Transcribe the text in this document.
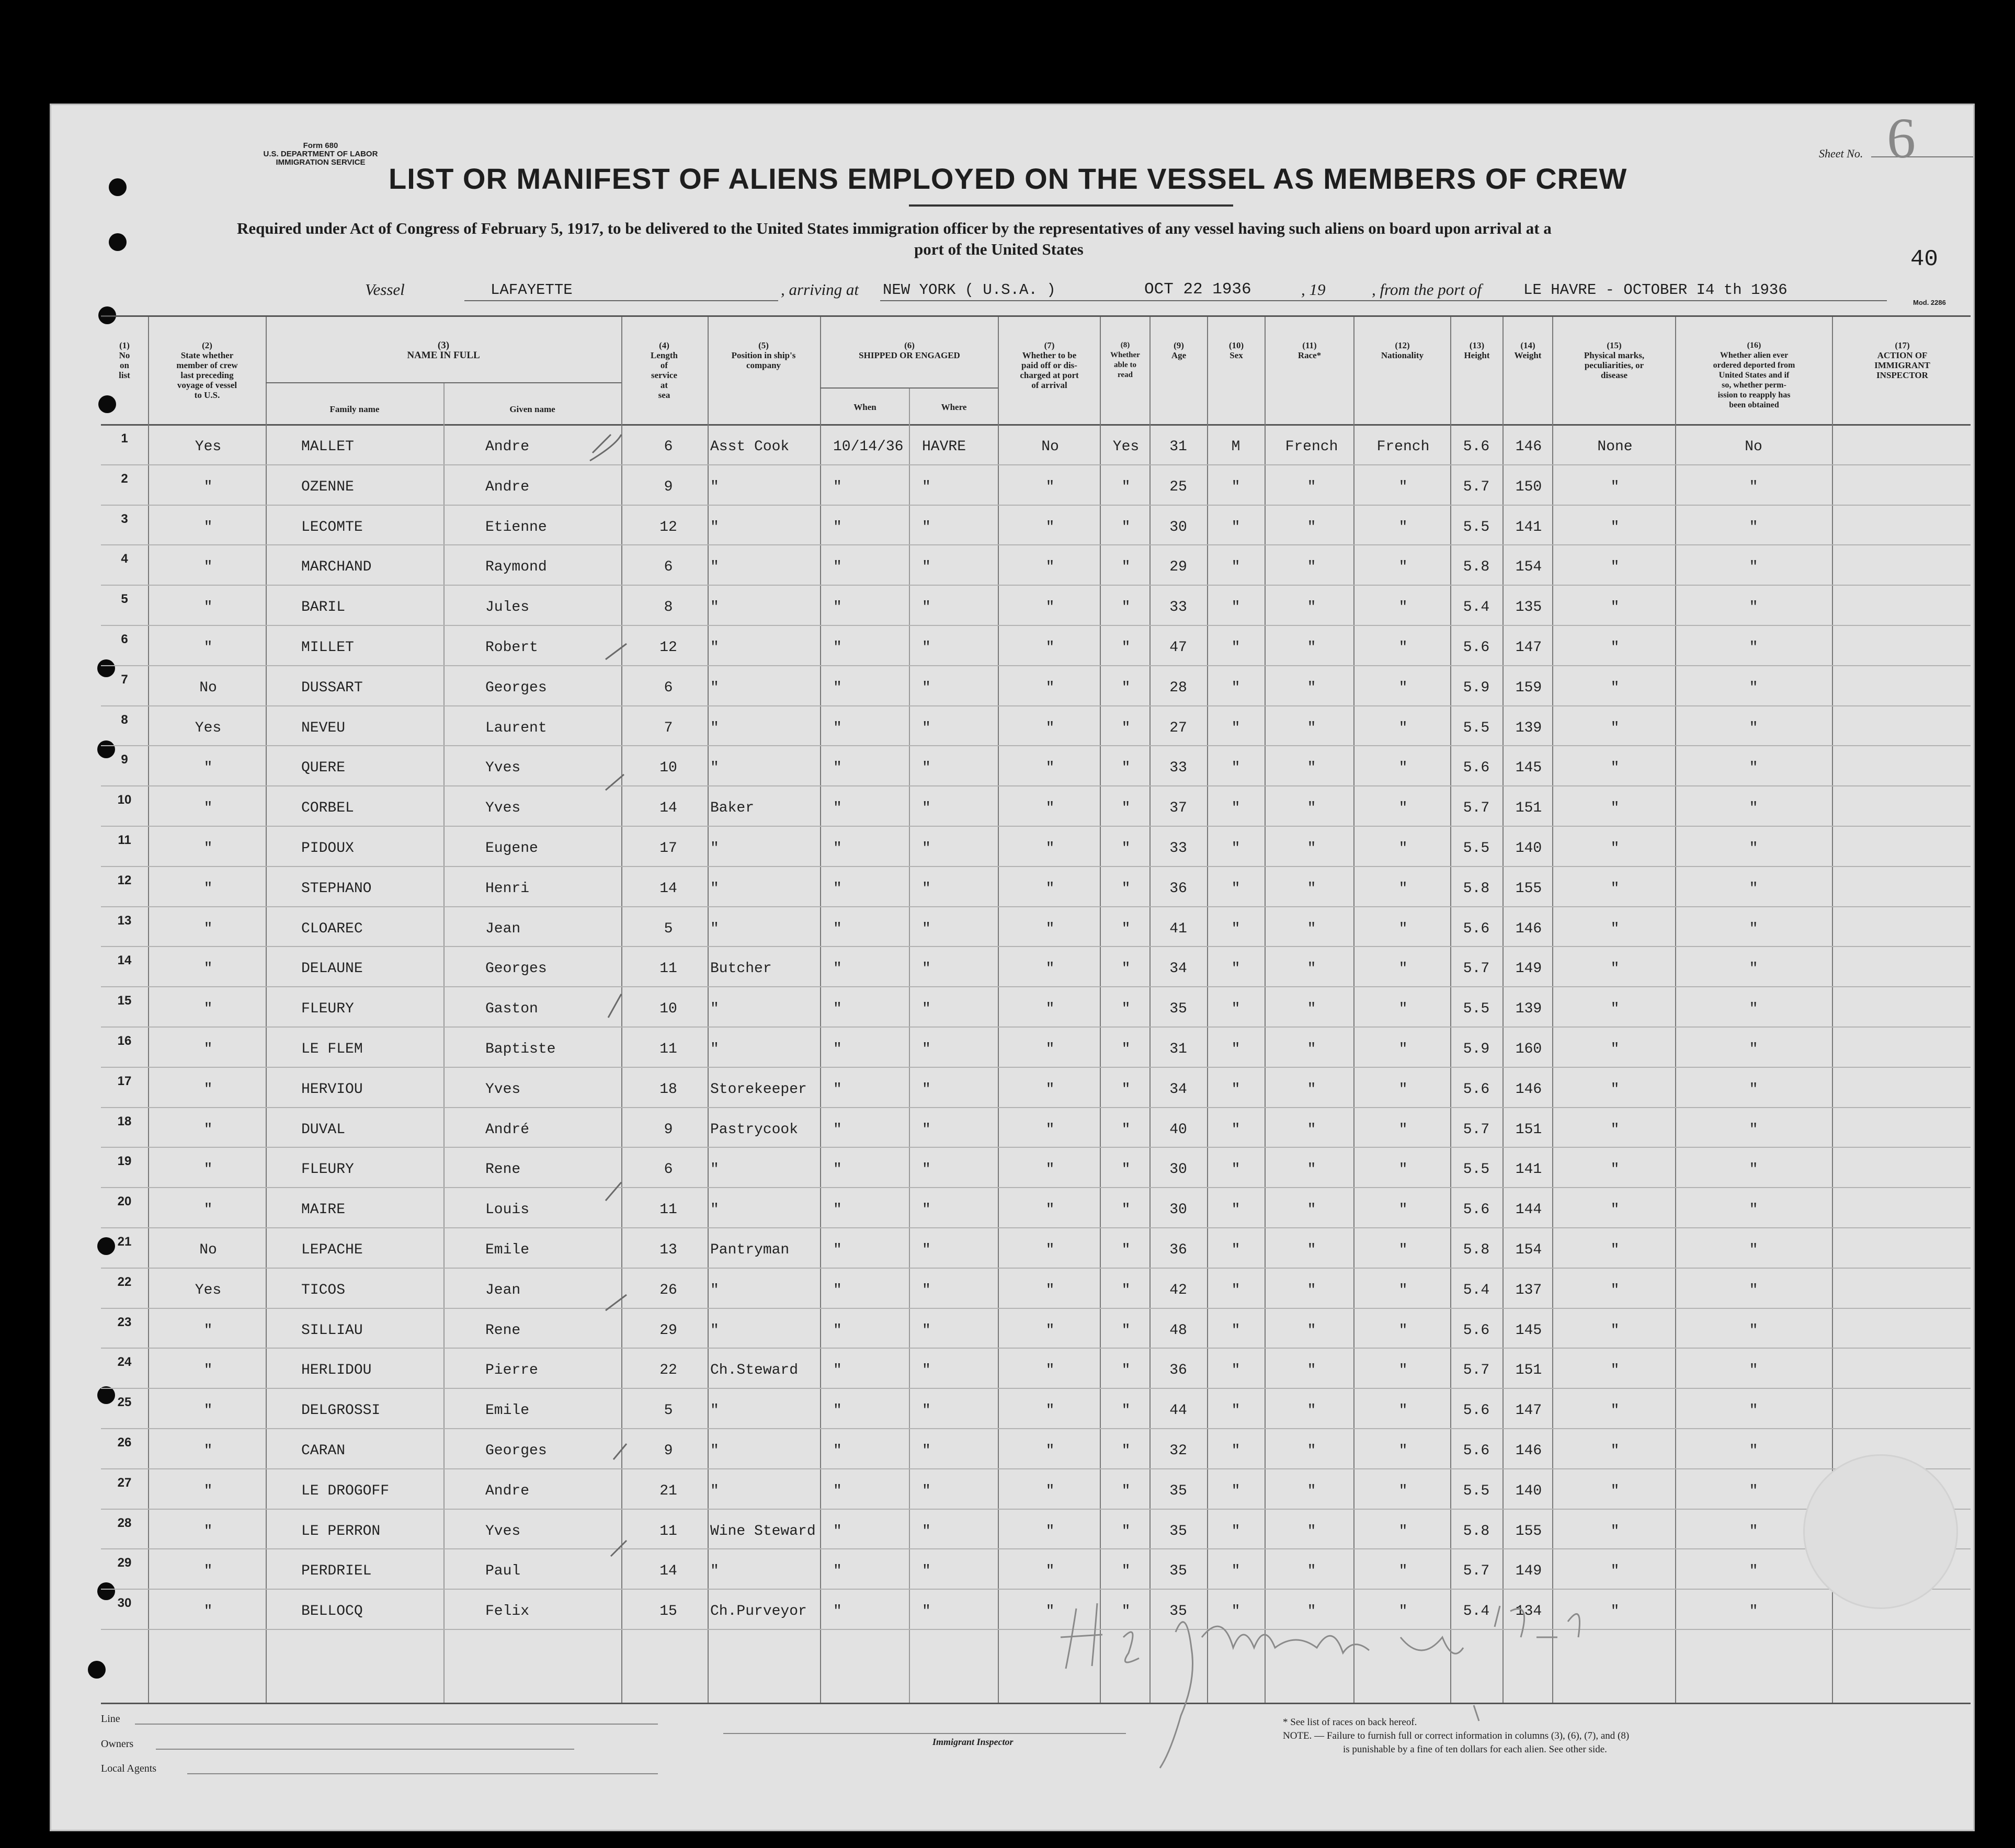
Form 680
U.S. DEPARTMENT OF LABOR
IMMIGRATION SERVICE
Sheet No. 6
40
Mod. 2286
LIST OR MANIFEST OF ALIENS EMPLOYED ON THE VESSEL AS MEMBERS OF CREW
Required under Act of Congress of February 5, 1917, to be delivered to the United States immigration officer by the representatives of any vessel having such aliens on board upon arrival at a
port of the United States
Vessel	LAFAYETTE	, arriving at NEW YORK ( U.S.A. )	OCT 22 1936	, 19	, from the port of	LE HAVRE - OCTOBER I4 th 1936
(1)
No
on
list
(2)
State whether
member of crew
last preceding
voyage of vessel
to U.S.
(3)
NAME IN FULL
Family name	Given name
(4)
Length
of
service
at
sea
(5)
Position in ship's
company
(6)
SHIPPED OR ENGAGED
When	Where
(7)
Whether to be
paid off or dis-
charged at port
of arrival
(8)
Whether
able to
read
(9)
Age
(10)
Sex
(11)
Race*
(12)
Nationality
(13)
Height
(14)
Weight
(15)
Physical marks,
peculiarities, or
disease
(16)
Whether alien ever
ordered deported from
United States and if
so, whether perm-
ission to reapply has
been obtained
(17)
ACTION OF
IMMIGRANT
INSPECTOR
1
Yes	MALLET	Andre	6	Asst Cook	10/14/36	HAVRE	No	Yes	31	M	French	French	5.6	146	None	No
2
"	OZENNE	Andre	9	"	"	"	"	"	25	"	"	"	5.7	150	"	"
3
"	LECOMTE	Etienne	12	"	"	"	"	"	30	"	"	"	5.5	141	"	"
4
"	MARCHAND	Raymond	6	"	"	"	"	"	29	"	"	"	5.8	154	"	"
5
"	BARIL	Jules	8	"	"	"	"	"	33	"	"	"	5.4	135	"	"
6
"	MILLET	Robert	12	"	"	"	"	"	47	"	"	"	5.6	147	"	"
7
No	DUSSART	Georges	6	"	"	"	"	"	28	"	"	"	5.9	159	"	"
8
Yes	NEVEU	Laurent	7	"	"	"	"	"	27	"	"	"	5.5	139	"	"
9
"	QUERE	Yves	10	"	"	"	"	"	33	"	"	"	5.6	145	"	"
10
"	CORBEL	Yves	14	Baker	"	"	"	"	37	"	"	"	5.7	151	"	"
11
"	PIDOUX	Eugene	17	"	"	"	"	"	33	"	"	"	5.5	140	"	"
12
"	STEPHANO	Henri	14	"	"	"	"	"	36	"	"	"	5.8	155	"	"
13
"	CLOAREC	Jean	5	"	"	"	"	"	41	"	"	"	5.6	146	"	"
14
"	DELAUNE	Georges	11	Butcher	"	"	"	"	34	"	"	"	5.7	149	"	"
15
"	FLEURY	Gaston	10	"	"	"	"	"	35	"	"	"	5.5	139	"	"
16
"	LE FLEM	Baptiste	11	"	"	"	"	"	31	"	"	"	5.9	160	"	"
17
"	HERVIOU	Yves	18	Storekeeper	"	"	"	"	34	"	"	"	5.6	146	"	"
18
"	DUVAL	André	9	Pastrycook	"	"	"	"	40	"	"	"	5.7	151	"	"
19
"	FLEURY	Rene	6	"	"	"	"	"	30	"	"	"	5.5	141	"	"
20
"	MAIRE	Louis	11	"	"	"	"	"	30	"	"	"	5.6	144	"	"
21
No	LEPACHE	Emile	13	Pantryman	"	"	"	"	36	"	"	"	5.8	154	"	"
22
Yes	TICOS	Jean	26	"	"	"	"	"	42	"	"	"	5.4	137	"	"
23
"	SILLIAU	Rene	29	"	"	"	"	"	48	"	"	"	5.6	145	"	"
24
"	HERLIDOU	Pierre	22	Ch.Steward	"	"	"	"	36	"	"	"	5.7	151	"	"
25
"	DELGROSSI	Emile	5	"	"	"	"	"	44	"	"	"	5.6	147	"	"
26
"	CARAN	Georges	9	"	"	"	"	"	32	"	"	"	5.6	146	"	"
27
"	LE DROGOFF	Andre	21	"	"	"	"	"	35	"	"	"	5.5	140	"	"
28
"	LE PERRON	Yves	11	Wine Steward	"	"	"	"	35	"	"	"	5.8	155	"	"
29
"	PERDRIEL	Paul	14	"	"	"	"	"	35	"	"	"	5.7	149	"	"
30
"	BELLOCQ	Felix	15	Ch.Purveyor	"	"	"	"	35	"	"	"	5.4	134	"	"
Line
Owners
Local Agents
Immigrant Inspector
* See list of races on back hereof.
NOTE. — Failure to furnish full or correct information in columns (3), (6), (7), and (8)
is punishable by a fine of ten dollars for each alien. See other side.
